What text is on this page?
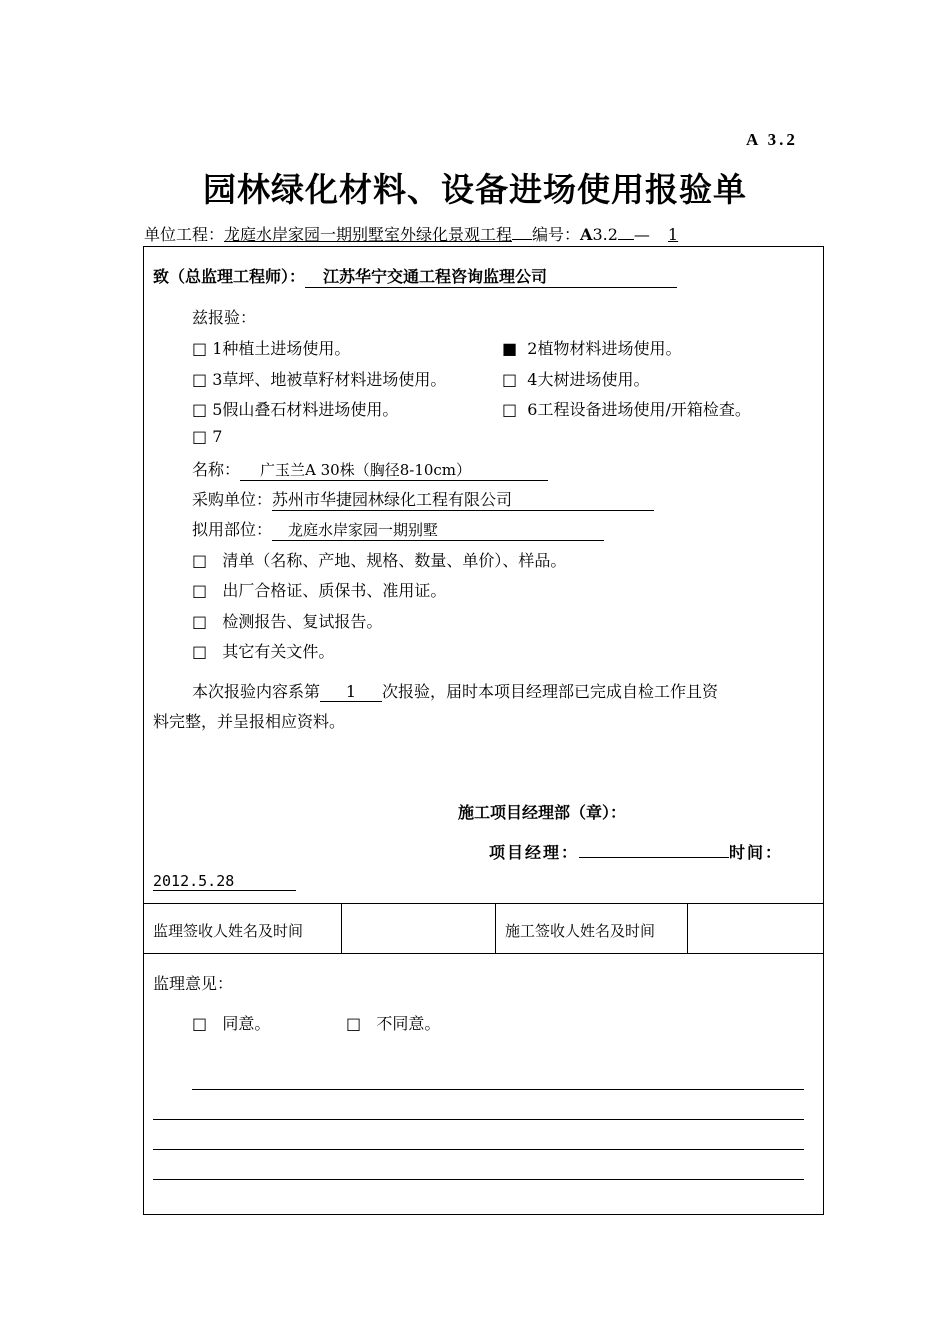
A 3.2
园林绿化材料、设备进场使用报验单
单位工程：龙庭水岸家园一期别墅室外绿化景观工程 编号：A3.2 — 1
致（总监理工程师）： 江苏华宁交通工程咨询监理公司
兹报验：
□ 1种植土进场使用。	■ 2植物材料进场使用。
□ 3草坪、地被草籽材料进场使用。	□ 4大树进场使用。
□ 5假山叠石材料进场使用。	□ 6工程设备进场使用/开箱检查。
□ 7
名称： 广玉兰A 30株（胸径8-10cm）
采购单位：苏州市华捷园林绿化工程有限公司
拟用部位： 龙庭水岸家园一期别墅
□ 清单（名称、产地、规格、数量、单价）、样品。
□ 出厂合格证、质保书、准用证。
□ 检测报告、复试报告。
□ 其它有关文件。
本次报验内容系第 1 次报验，届时本项目经理部已完成自检工作且资
料完整，并呈报相应资料。
施工项目经理部（章）：
项目经理：	时间：
2012.5.28
监理签收人姓名及时间	施工签收人姓名及时间
监理意见：
□ 同意。	□ 不同意。
